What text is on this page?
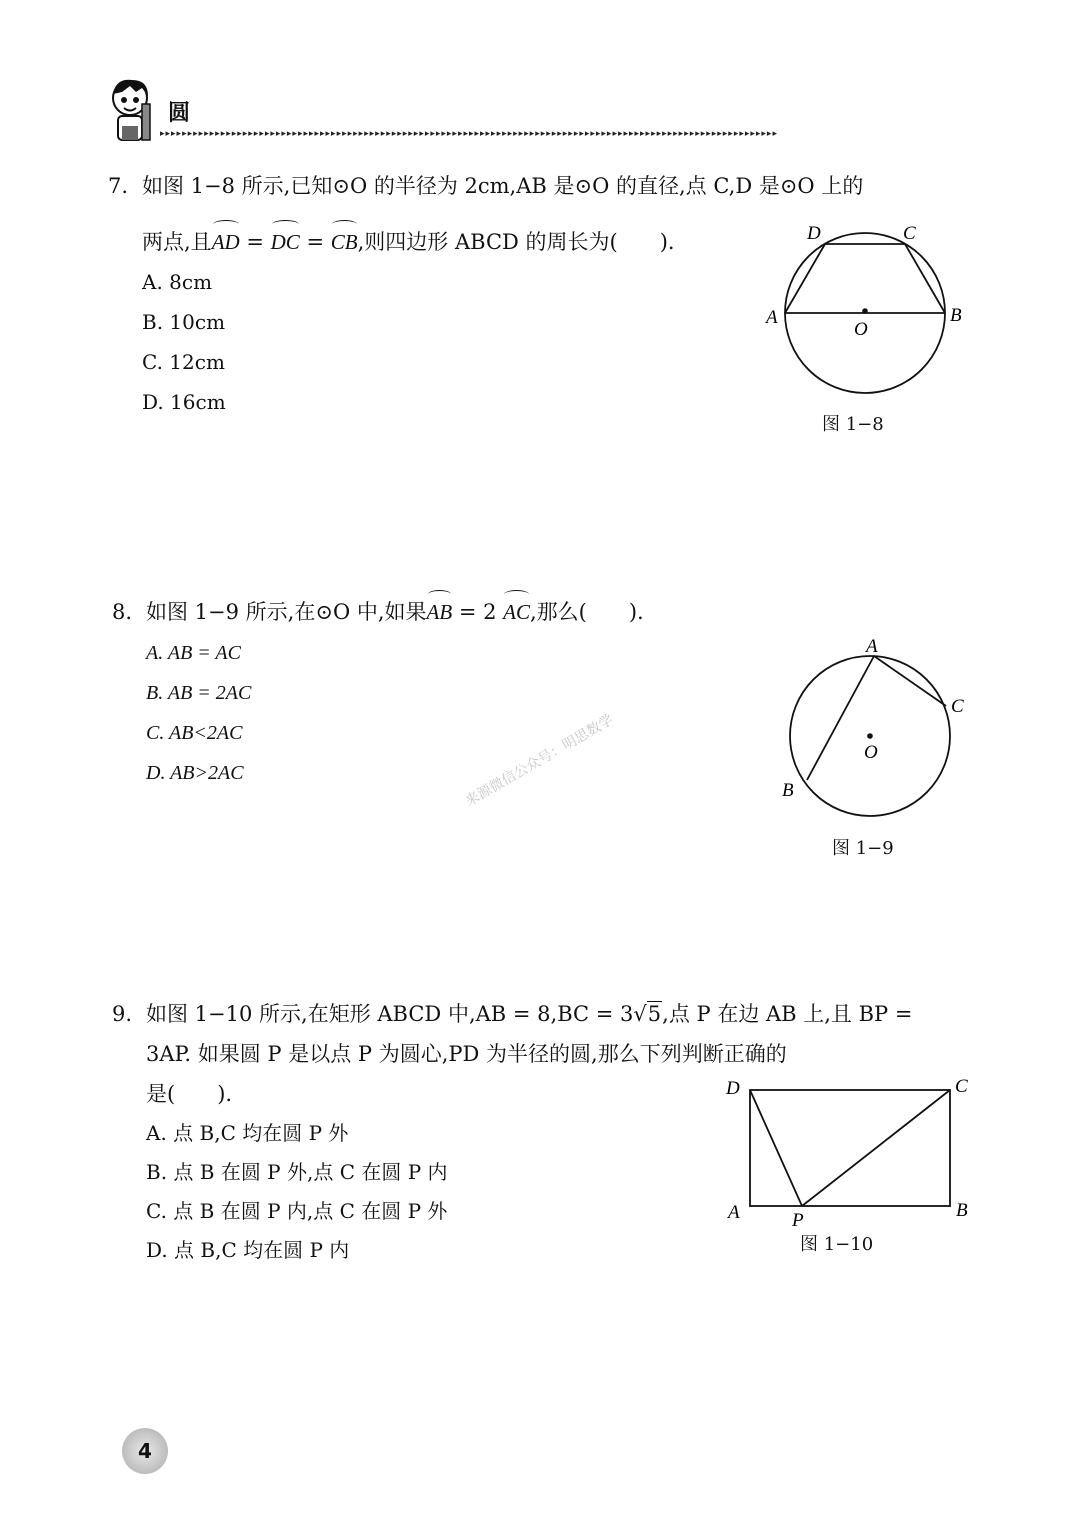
圆
▸▸▸▸▸▸▸▸▸▸▸▸▸▸▸▸▸▸▸▸▸▸▸▸▸▸▸▸▸▸▸▸▸▸▸▸▸▸▸▸▸▸▸▸▸▸▸▸▸▸▸▸▸▸▸▸▸▸▸▸▸▸▸▸▸▸▸▸▸▸▸▸▸▸▸▸▸▸▸▸▸▸▸▸▸▸▸▸▸▸▸▸▸▸▸▸▸▸▸▸▸▸▸▸▸▸▸▸▸▸▸▸
7. 如图 1−8 所示,已知⊙O 的半径为 2cm,AB 是⊙O 的直径,点 C,D 是⊙O 上的
两点,且AD = DC = CB,则四边形 ABCD 的周长为(　　).
A. 8cm
B. 10cm
C. 12cm
D. 16cm
D	C
A	B
O
图 1−8
8. 如图 1−9 所示,在⊙O 中,如果AB = 2 AC,那么(　　).
A. AB = AC
B. AB = 2AC
C. AB<2AC
D. AB>2AC
A
C
B
O
图 1−9
来源微信公众号：明思数学
9. 如图 1−10 所示,在矩形 ABCD 中,AB = 8,BC = 3√5,点 P 在边 AB 上,且 BP =
3AP. 如果圆 P 是以点 P 为圆心,PD 为半径的圆,那么下列判断正确的
是(　　).
A. 点 B,C 均在圆 P 外
B. 点 B 在圆 P 外,点 C 在圆 P 内
C. 点 B 在圆 P 内,点 C 在圆 P 外
D. 点 B,C 均在圆 P 内
D	C
A	B
P
图 1−10
4
